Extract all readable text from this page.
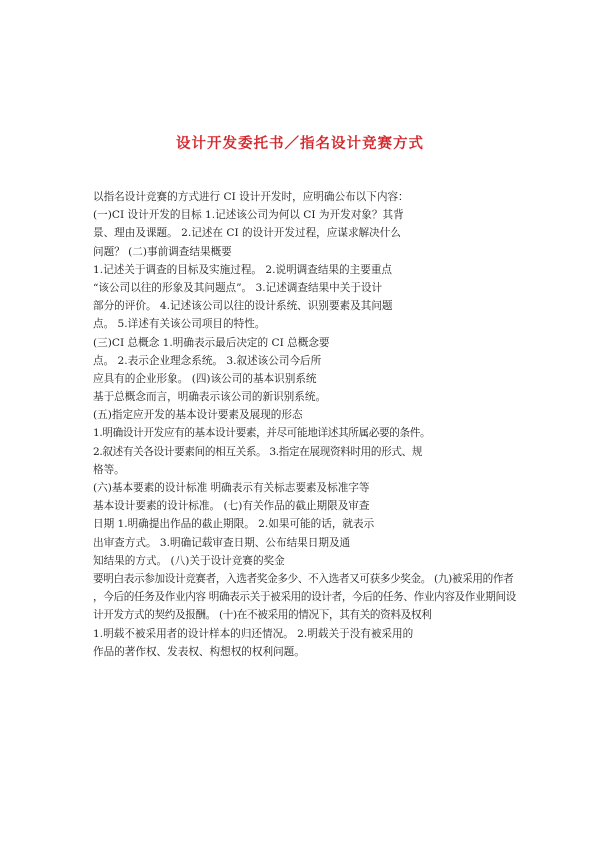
设计开发委托书／指名设计竞赛方式
以指名设计竞赛的方式进行 CI 设计开发时，应明确公布以下内容：
(一)CI 设计开发的目标 1.记述该公司为何以 CI 为开发对象？其背
景、理由及课题。 2.记述在 CI 的设计开发过程，应谋求解决什么
问题？ (二)事前调查结果概要
1.记述关于调查的目标及实施过程。 2.说明调查结果的主要重点
“该公司以往的形象及其问题点”。 3.记述调查结果中关于设计
部分的评价。 4.记述该公司以往的设计系统、识别要素及其问题
点。 5.详述有关该公司项目的特性。
(三)CI 总概念 1.明确表示最后决定的 CI 总概念要
点。 2.表示企业理念系统。 3.叙述该公司今后所
应具有的企业形象。 (四)该公司的基本识别系统
基于总概念而言，明确表示该公司的新识别系统。
(五)指定应开发的基本设计要素及展现的形态
1.明确设计开发应有的基本设计要素，并尽可能地详述其所属必要的条件。
2.叙述有关各设计要素间的相互关系。 3.指定在展现资料时用的形式、规
格等。
(六)基本要素的设计标准 明确表示有关标志要素及标准字等
基本设计要素的设计标准。 (七)有关作品的截止期限及审查
日期 1.明确提出作品的截止期限。 2.如果可能的话，就表示
出审查方式。 3.明确记载审查日期、公布结果日期及通
知结果的方式。 (八)关于设计竞赛的奖金
要明白表示参加设计竞赛者，入选者奖金多少、不入选者又可获多少奖金。 (九)被采用的作者
，今后的任务及作业内容 明确表示关于被采用的设计者，今后的任务、作业内容及作业期间设
计开发方式的契约及报酬。 (十)在不被采用的情况下，其有关的资料及权利
1.明载不被采用者的设计样本的归还情况。 2.明载关于没有被采用的
作品的著作权、发表权、构想权的权利问题。
